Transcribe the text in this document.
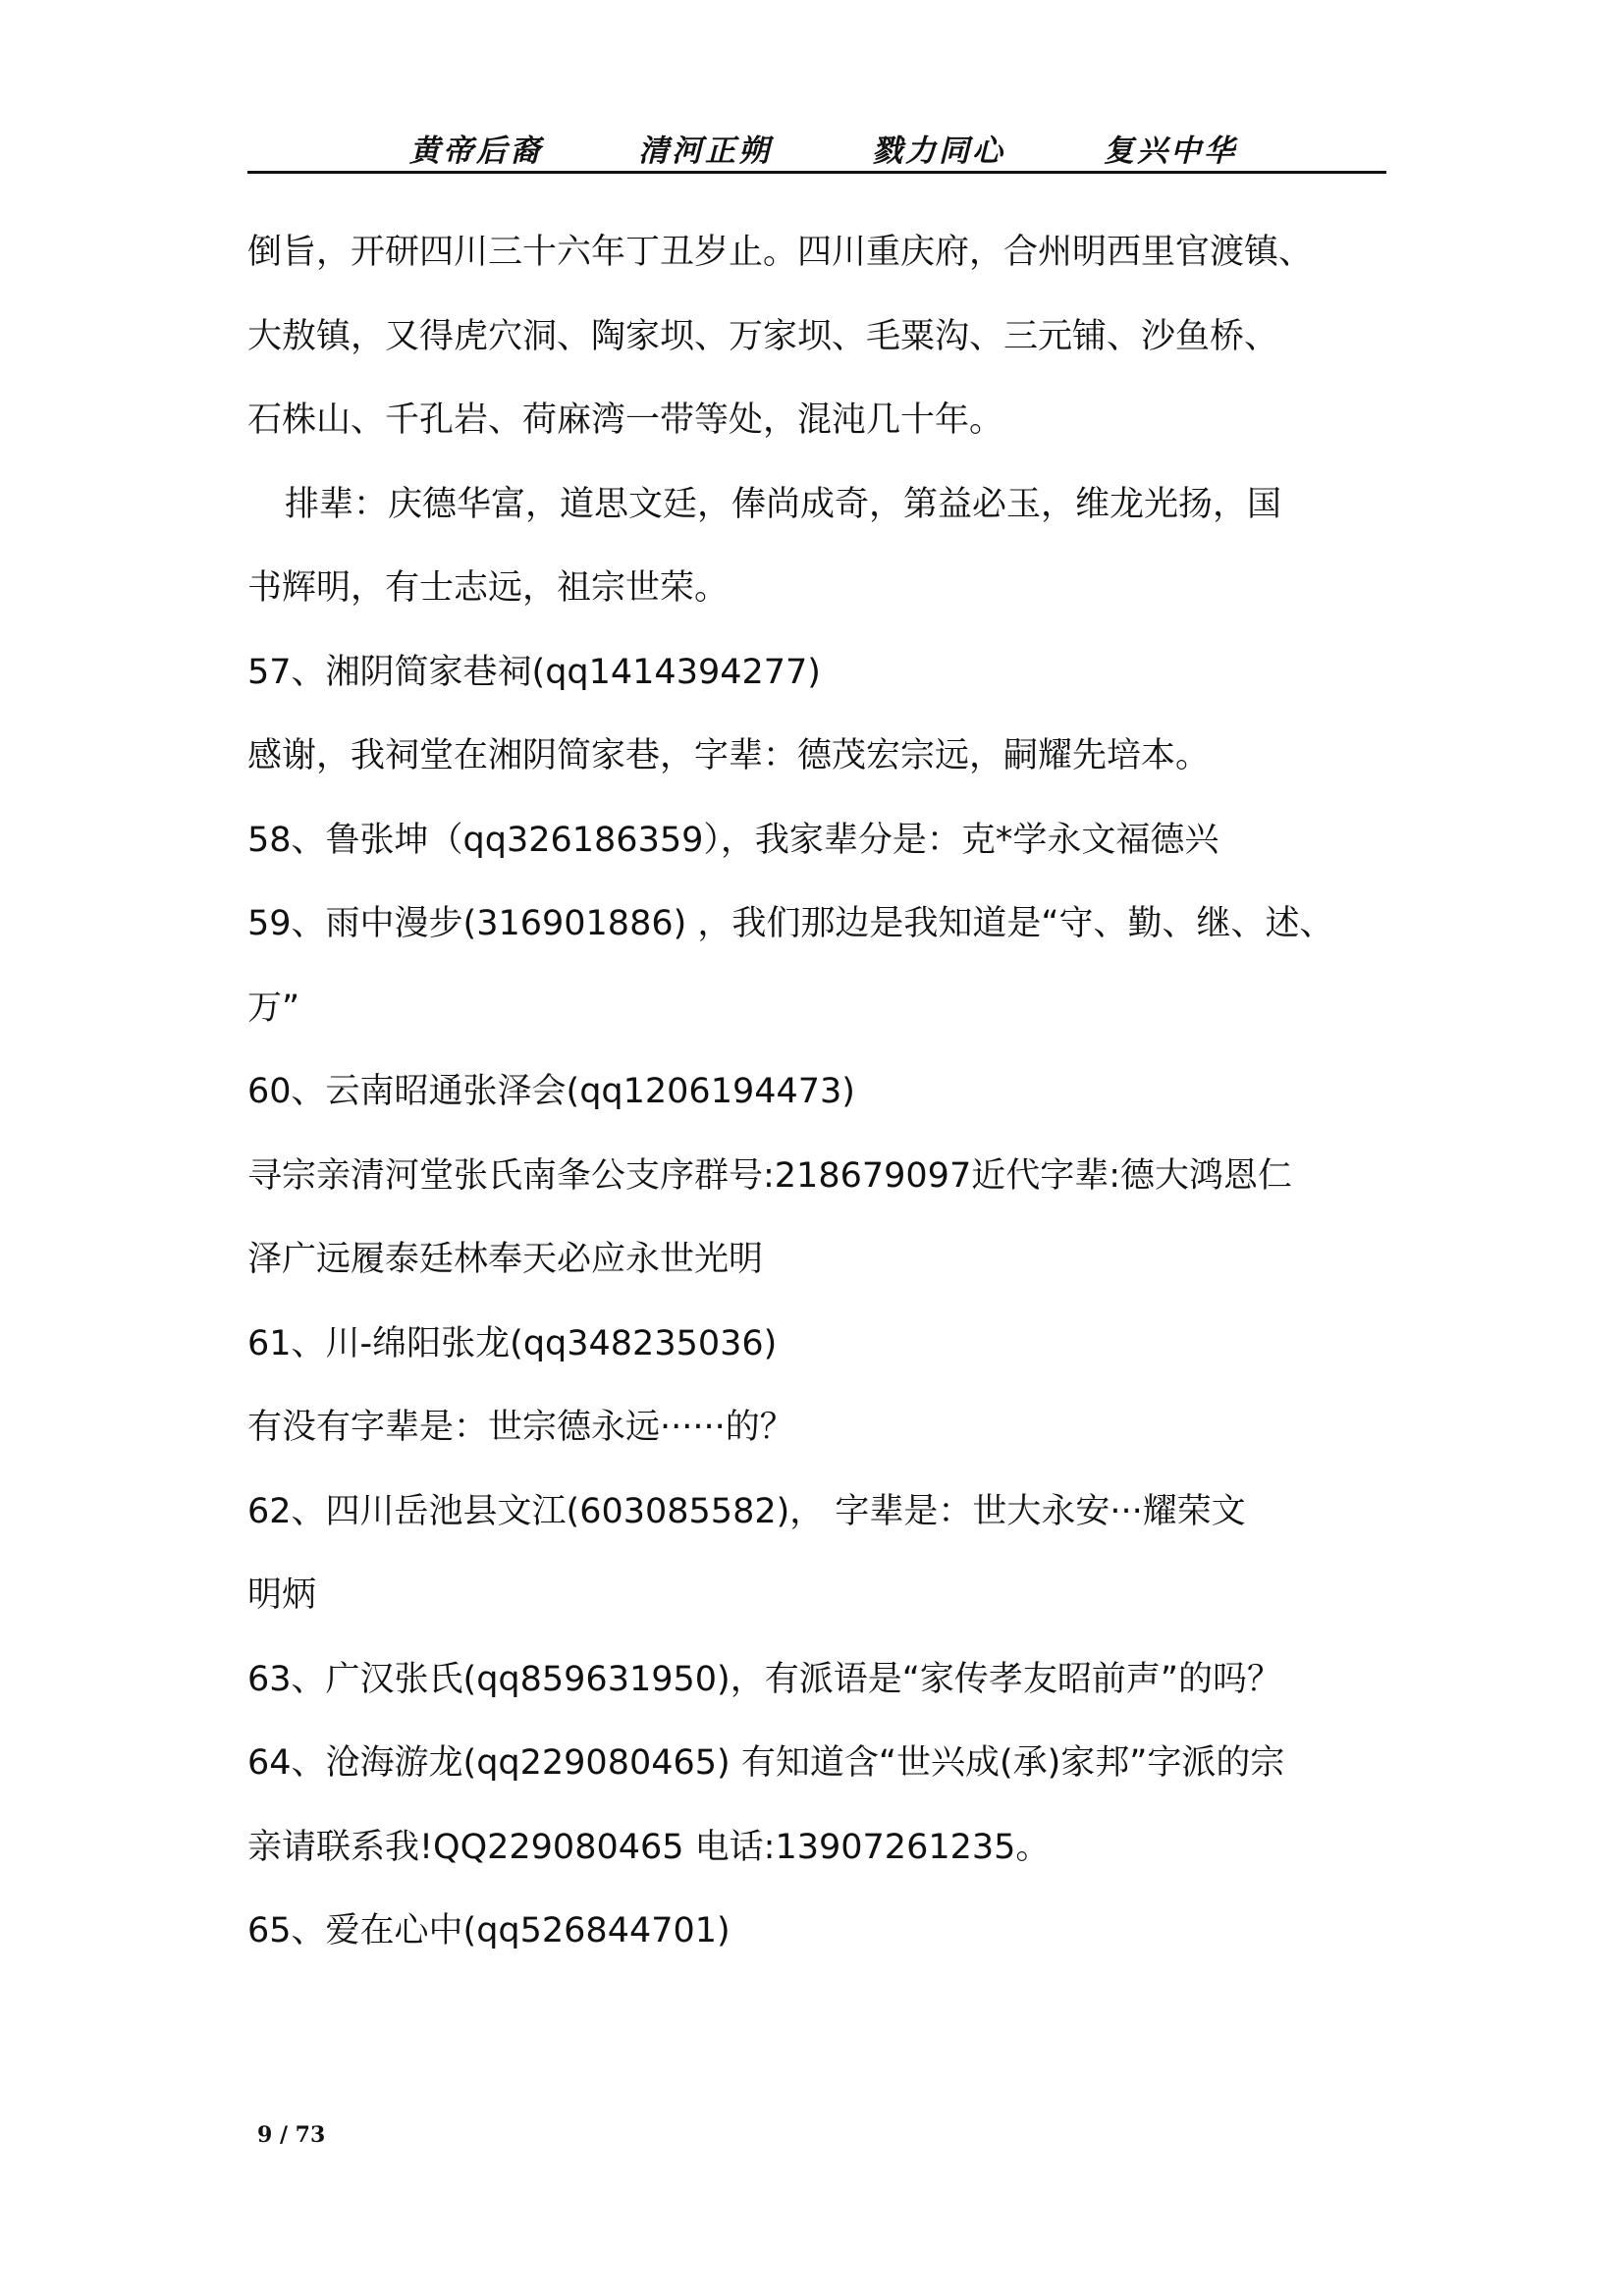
黄帝后裔	清河正朔	戮力同心	复兴中华
倒旨，开研四川三十六年丁丑岁止。四川重庆府，合州明西里官渡镇、
大敖镇，又得虎穴洞、陶家坝、万家坝、毛粟沟、三元铺、沙鱼桥、
石株山、千孔岩、荷麻湾一带等处，混沌几十年。
排辈：庆德华富，道思文廷，俸尚成奇，第益必玉，维龙光扬，国
书辉明，有士志远，祖宗世荣。
57、湘阴简家巷祠(qq1414394277)
感谢，我祠堂在湘阴简家巷，字辈：德茂宏宗远，嗣耀先培本。
58、鲁张坤（qq326186359），我家辈分是：克*学永文福德兴
59、雨中漫步(316901886) ，我们那边是我知道是“守、勤、继、述、
万”
60、云南昭通张泽会(qq1206194473)
寻宗亲清河堂张氏南夆公支序群号:218679097近代字辈:德大鸿恩仁
泽广远履泰廷林奉天必应永世光明
61、川-绵阳张龙(qq348235036)
有没有字辈是：世宗德永远······的？
62、四川岳池县文江(603085582)， 字辈是：世大永安···耀荣文
明炳
63、广汉张氏(qq859631950)，有派语是“家传孝友昭前声”的吗？
64、沧海游龙(qq229080465) 有知道含“世兴成(承)家邦”字派的宗
亲请联系我!QQ229080465 电话:13907261235。
65、爱在心中(qq526844701)
9 / 73
